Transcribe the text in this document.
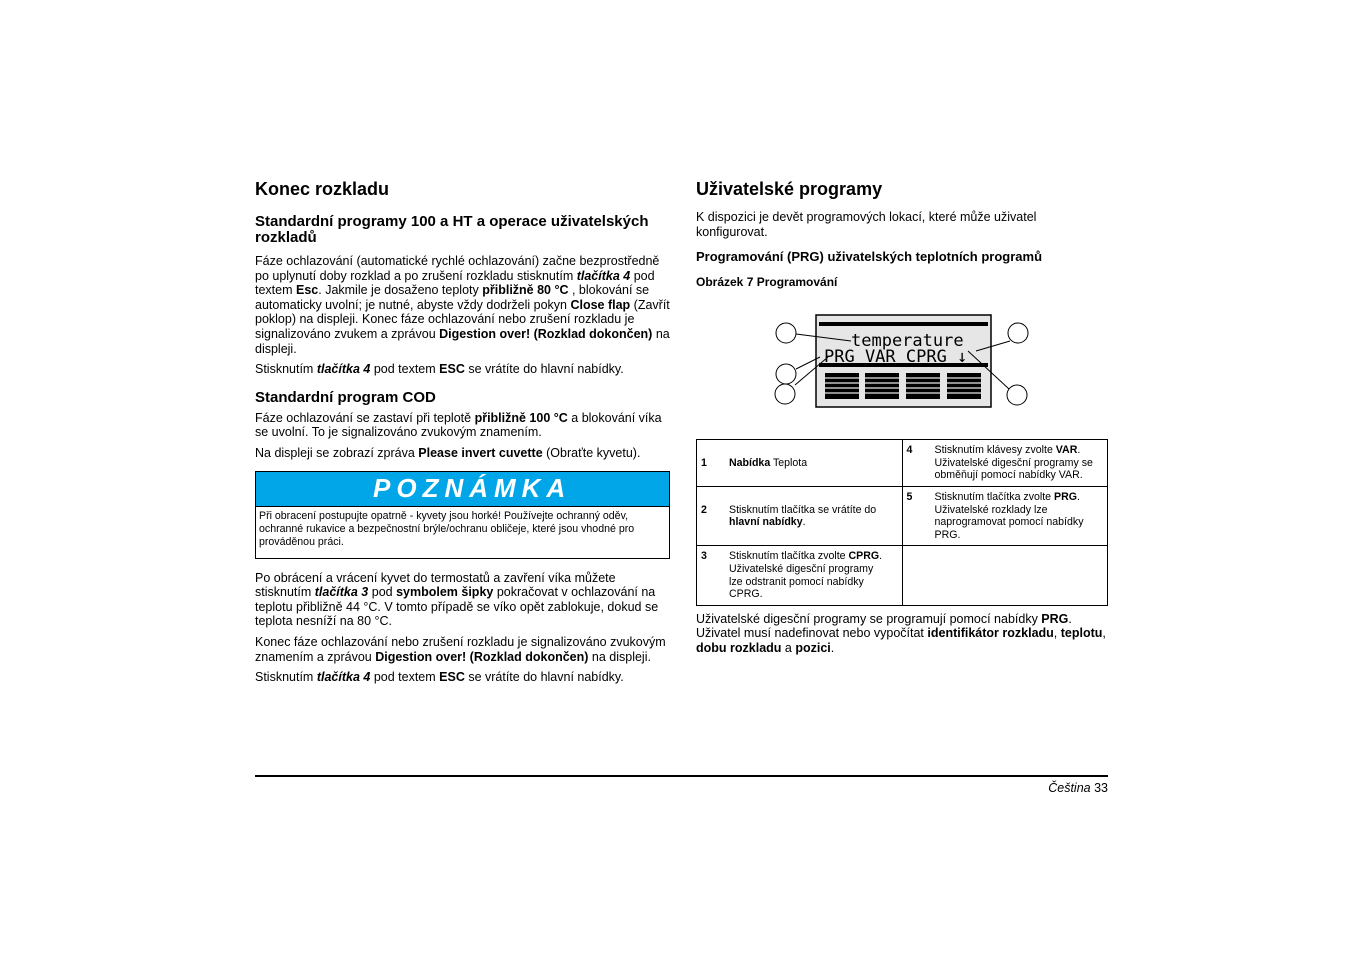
Konec rozkladu
Standardní programy 100 a HT a operace uživatelských rozkladů

Fáze ochlazování (automatické rychlé ochlazování) začne bezprostředně po uplynutí doby rozklad a po zrušení rozkladu stisknutím tlačítka 4 pod textem Esc. Jakmile je dosaženo teploty přibližně 80 °C , blokování se automaticky uvolní; je nutné, abyste vždy dodrželi pokyn Close flap (Zavřít poklop) na displeji. Konec fáze ochlazování nebo zrušení rozkladu je signalizováno zvukem a zprávou Digestion over! (Rozklad dokončen) na displeji.

Stisknutím tlačítka 4 pod textem ESC se vrátíte do hlavní nabídky.

Standardní program COD

Fáze ochlazování se zastaví při teplotě přibližně 100 °C a blokování víka se uvolní. To je signalizováno zvukovým znamením.

Na displeji se zobrazí zpráva Please invert cuvette (Obraťte kyvetu).

POZNÁMKA
Při obracení postupujte opatrně - kyvety jsou horké! Používejte ochranný oděv, ochranné rukavice a bezpečnostní brýle/ochranu obličeje, které jsou vhodné pro prováděnou práci.

Po obrácení a vrácení kyvet do termostatů a zavření víka můžete stisknutím tlačítka 3 pod symbolem šipky pokračovat v ochlazování na teplotu přibližně 44 °C. V tomto případě se víko opět zablokuje, dokud se teplota nesníží na 80 °C.

Konec fáze ochlazování nebo zrušení rozkladu je signalizováno zvukovým znamením a zprávou Digestion over! (Rozklad dokončen) na displeji.

Stisknutím tlačítka 4 pod textem ESC se vrátíte do hlavní nabídky.

Uživatelské programy

K dispozici je devět programových lokací, které může uživatel konfigurovat.

Programování (PRG) uživatelských teplotních programů
Obrázek 7 Programování
temperature
PRG VAR CPRG ↓
1 Nabídka Teplota	4 Stisknutím klávesy zvolte VAR. Uživatelské digesční programy se obměňují pomocí nabídky VAR.
2 Stisknutím tlačítka se vrátíte do hlavní nabídky.	5 Stisknutím tlačítka zvolte PRG. Uživatelské rozklady lze naprogramovat pomocí nabídky PRG.
3 Stisknutím tlačítka zvolte CPRG. Uživatelské digesční programy lze odstranit pomocí nabídky CPRG.	

Uživatelské digesční programy se programují pomocí nabídky PRG. Uživatel musí nadefinovat nebo vypočítat identifikátor rozkladu, teplotu, dobu rozkladu a pozici.

Čeština 33
